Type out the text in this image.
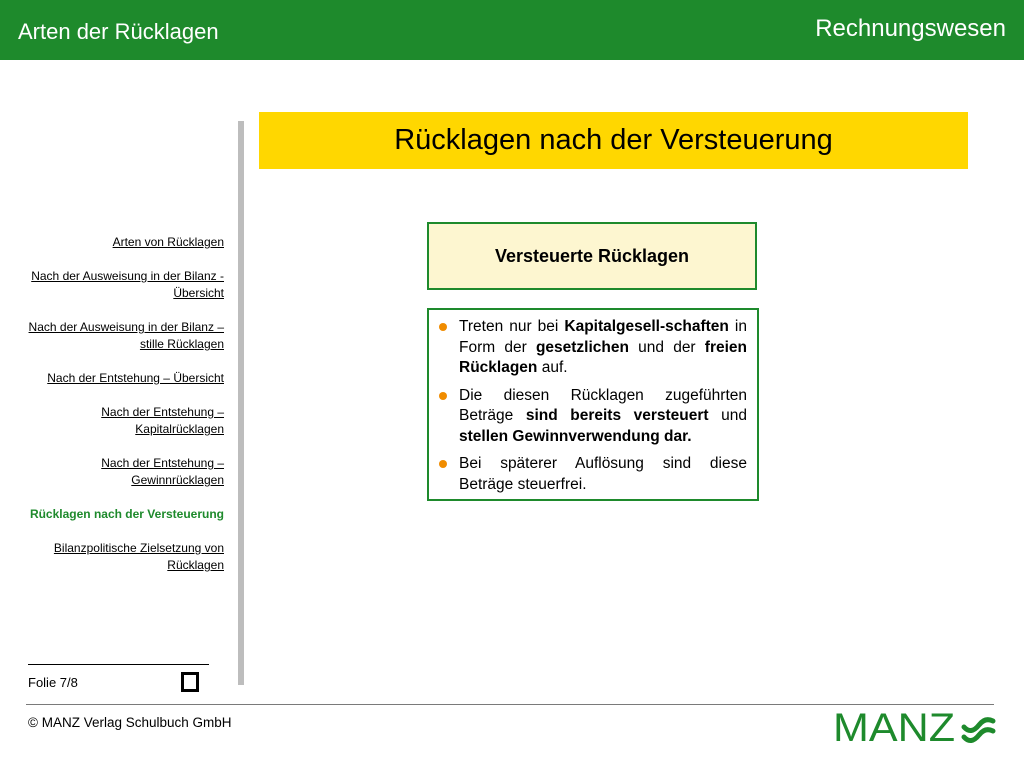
Arten der Rücklagen	Rechnungswesen
Arten von Rücklagen
Nach der Ausweisung in der Bilanz - Übersicht
Nach der Ausweisung in der Bilanz – stille Rücklagen
Nach der Entstehung – Übersicht
Nach der Entstehung – Kapitalrücklagen
Nach der Entstehung – Gewinnrücklagen
Rücklagen nach der Versteuerung
Bilanzpolitische Zielsetzung von Rücklagen
Rücklagen nach der Versteuerung
Versteuerte Rücklagen
Treten nur bei Kapitalgesell-schaften in Form der gesetzlichen und der freien Rücklagen auf.
Die diesen Rücklagen zugeführten Beträge sind bereits versteuert und stellen Gewinnverwendung dar.
Bei späterer Auflösung sind diese Beträge steuerfrei.
Folie 7/8
© MANZ Verlag Schulbuch GmbH	MANZ
